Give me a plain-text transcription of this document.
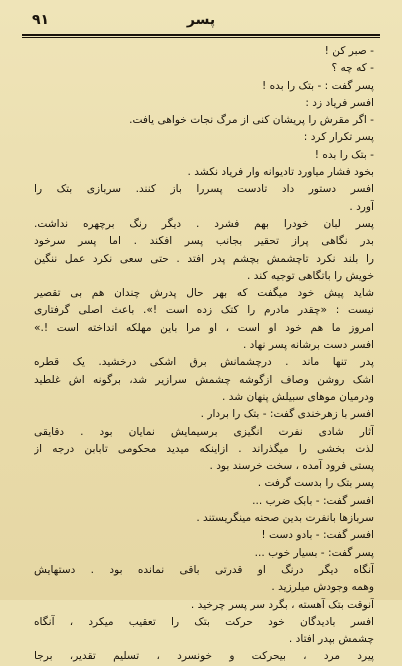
۹۱	پسر
- صبر کن !
- که چه ؟
پسر گفت : - بتک را بده !
افسر فریاد زد :
- اگر مقرش را پریشان کنی از مرگ نجات خواهی یافت.
پسر تکرار کرد :
- بتک را بده !
بخود فشار میاورد تادیوانه وار فریاد نکشد .
افسر دستور داد تادست پسررا باز کنند. سربازی بتک را
آورد .
پسر لبان خودرا بهم فشرد . دیگر رنگ برچهره نداشت.
بدر نگاهی پراز تحقیر بجانب پسر افکند . اما پسر سرخود
را بلند نکرد تاچشمش بچشم پدر افتد . حتی سعی نکرد عمل ننگین
خویش را باتگاهی توجیه کند .
شاید پیش خود میگفت که بهر حال پدرش چندان هم بی تقصیر
نیست : «چقدر مادرم را کتک زده است !». باعث اصلی گرفتاری
امروز ما هم خود او است ، او مرا باین مهلکه انداخته است !.»
افسر دست برشانه پسر نهاد .
پدر تنها ماند . درچشمانش برق اشکی درخشید. یک قطره
اشک روشن وصاف ازگوشه چشمش سرازیر شد، برگونه اش غلطید
ودرمیان موهای سبیلش پنهان شد .
افسر با زهرخندی گفت: - بتک را بردار .
آثار شادی نفرت انگیزی برسیمایش نمایان بود . دقایقی
لذت بخشی را میگذراند . ازاینکه میدید محکومی تابابن درجه از
پستی فرود آمده ، سخت خرسند بود .
پسر بتک را بدست گرفت .
افسر گفت: - بابک ضرب ...
سربازها بانفرت بدین صحنه مینگریستند .
افسر گفت: - بادو دست !
پسر گفت: - بسیار خوب ...
آنگاه دیگر درنگ او قدرتی باقی نمانده بود . دستهایش
وهمه وجودش میلرزید .
آنوقت بتک آهسته ، بگرد سر پسر چرخید .
افسر باديدگان خود حرکت بتک را تعقیب میکرد ، آنگاه
چشمش بپدر افتاد .
پیرد مرد ، بیحرکت و خونسرد ، تسلیم تقدیر، برجا
